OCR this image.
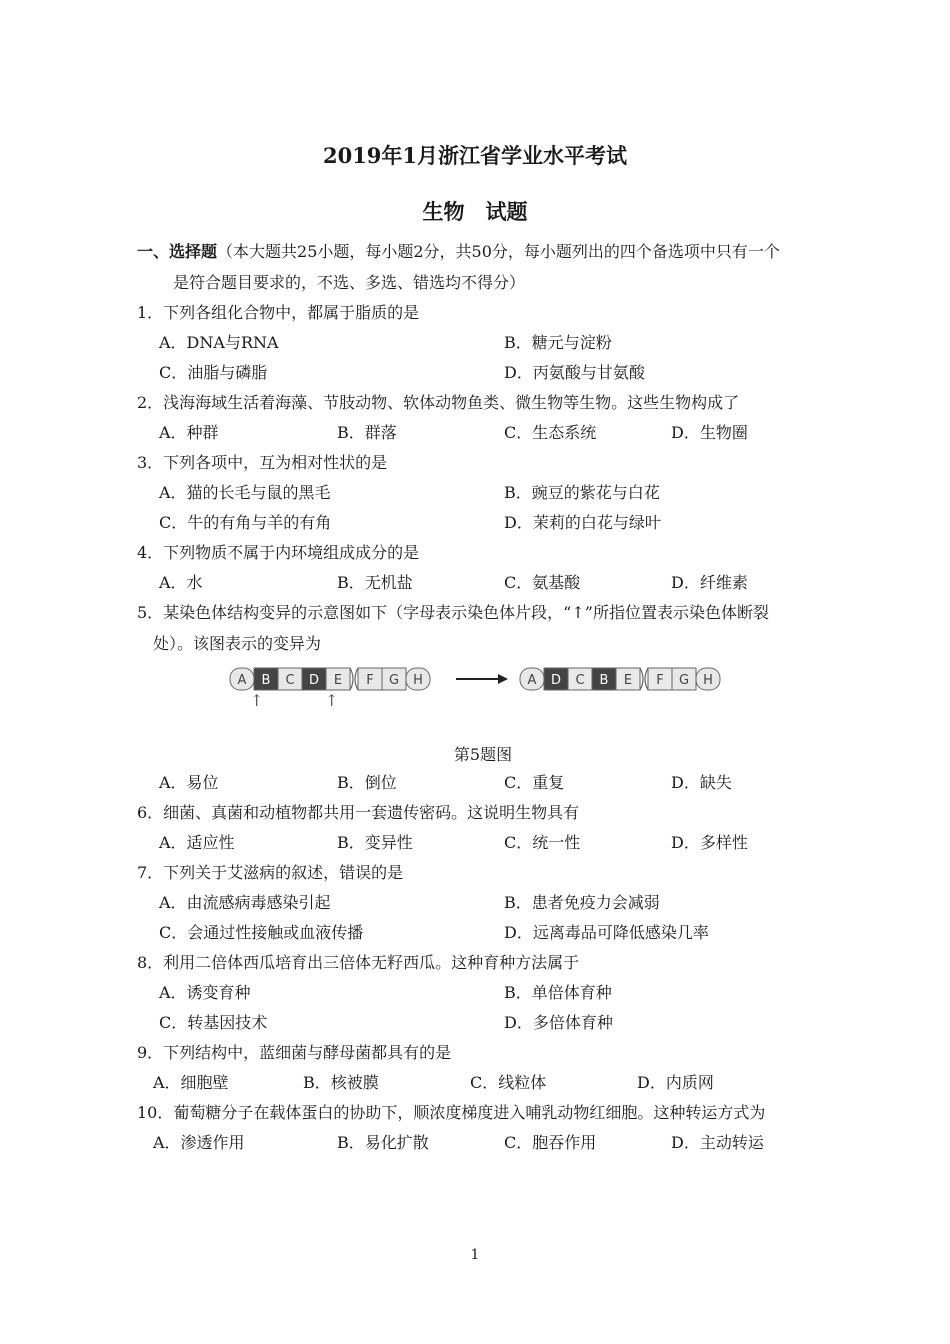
2019年1月浙江省学业水平考试
生物　试题
一、选择题（本大题共25小题，每小题2分，共50分，每小题列出的四个备选项中只有一个
是符合题目要求的，不选、多选、错选均不得分）
1．下列各组化合物中，都属于脂质的是
A．DNA与RNA	B．糖元与淀粉
C．油脂与磷脂	D．丙氨酸与甘氨酸
2．浅海海域生活着海藻、节肢动物、软体动物鱼类、微生物等生物。这些生物构成了
A．种群	B．群落	C．生态系统	D．生物圈
3．下列各项中，互为相对性状的是
A．猫的长毛与鼠的黑毛	B．豌豆的紫花与白花
C．牛的有角与羊的有角	D．茉莉的白花与绿叶
4．下列物质不属于内环境组成成分的是
A．水	B．无机盐	C．氨基酸	D．纤维素
5．某染色体结构变异的示意图如下（字母表示染色体片段，“↑”所指位置表示染色体断裂
处）。该图表示的变异为
A B C D E F G H	A D C B E F G H
↑	↑
第5题图
A．易位	B．倒位	C．重复	D．缺失
6．细菌、真菌和动植物都共用一套遗传密码。这说明生物具有
A．适应性	B．变异性	C．统一性	D．多样性
7．下列关于艾滋病的叙述，错误的是
A．由流感病毒感染引起	B．患者免疫力会减弱
C．会通过性接触或血液传播	D．远离毒品可降低感染几率
8．利用二倍体西瓜培育出三倍体无籽西瓜。这种育种方法属于
A．诱变育种	B．单倍体育种
C．转基因技术	D．多倍体育种
9．下列结构中，蓝细菌与酵母菌都具有的是
A．细胞壁	B．核被膜	C．线粒体	D．内质网
10．葡萄糖分子在载体蛋白的协助下，顺浓度梯度进入哺乳动物红细胞。这种转运方式为
A．渗透作用	B．易化扩散	C．胞吞作用	D．主动转运
1
